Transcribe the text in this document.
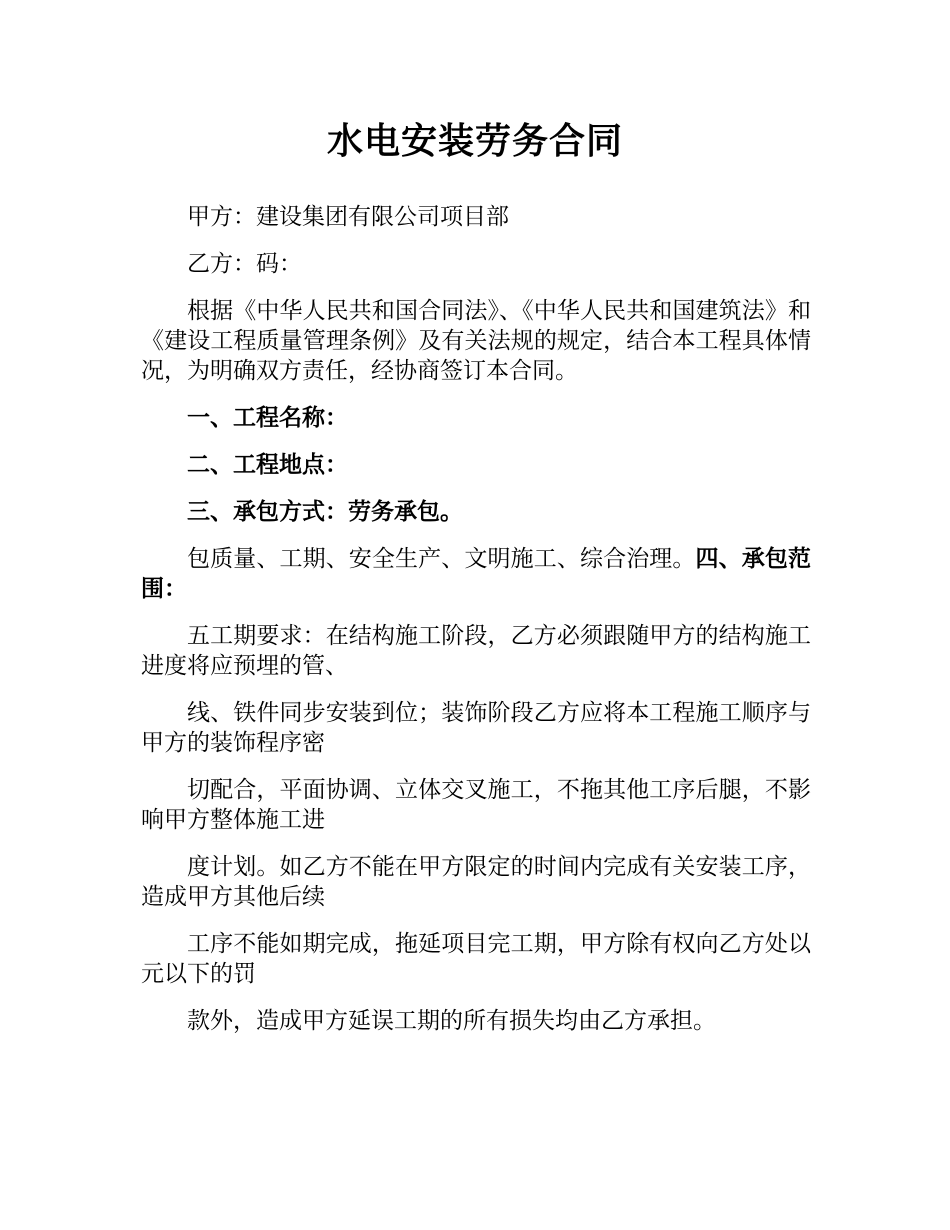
水电安装劳务合同

甲方：建设集团有限公司项目部

乙方：码：

根据《中华人民共和国合同法》、《中华人民共和国建筑法》和《建设工程质量管理条例》及有关法规的规定，结合本工程具体情况，为明确双方责任，经协商签订本合同。

一、工程名称：

二、工程地点：

三、承包方式：劳务承包。

包质量、工期、安全生产、文明施工、综合治理。四、承包范围：

五工期要求：在结构施工阶段，乙方必须跟随甲方的结构施工进度将应预埋的管、

线、铁件同步安装到位；装饰阶段乙方应将本工程施工顺序与甲方的装饰程序密

切配合，平面协调、立体交叉施工，不拖其他工序后腿，不影响甲方整体施工进

度计划。如乙方不能在甲方限定的时间内完成有关安装工序，造成甲方其他后续

工序不能如期完成，拖延项目完工期，甲方除有权向乙方处以元以下的罚

款外，造成甲方延误工期的所有损失均由乙方承担。
